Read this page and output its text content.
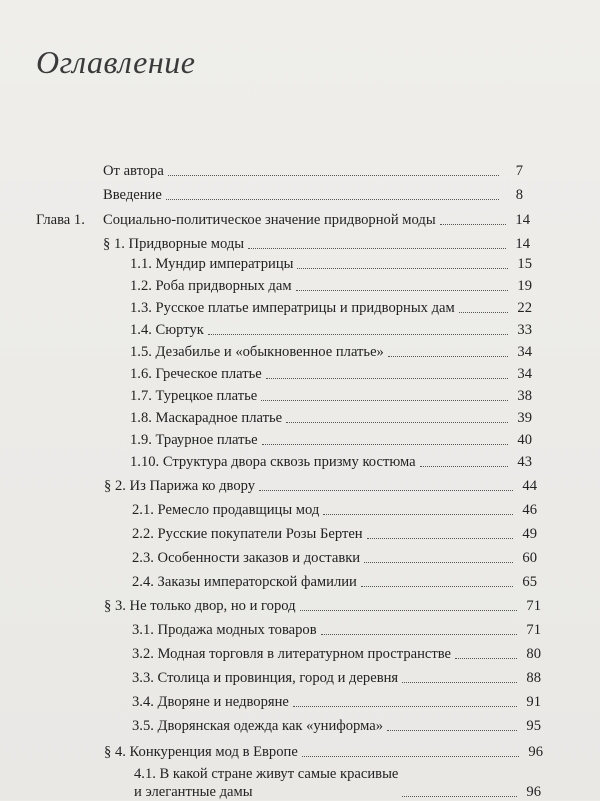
Оглавление
От автора	7
Введение	8
Глава 1. Социально-политическое значение придворной моды	14
§ 1. Придворные моды	14
1.1. Мундир императрицы	15
1.2. Роба придворных дам	19
1.3. Русское платье императрицы и придворных дам	22
1.4. Сюртук	33
1.5. Дезабилье и «обыкновенное платье»	34
1.6. Греческое платье	34
1.7. Турецкое платье	38
1.8. Маскарадное платье	39
1.9. Траурное платье	40
1.10. Структура двора сквозь призму костюма	43
§ 2. Из Парижа ко двору	44
2.1. Ремесло продавщицы мод	46
2.2. Русские покупатели Розы Бертен	49
2.3. Особенности заказов и доставки	60
2.4. Заказы императорской фамилии	65
§ 3. Не только двор, но и город	71
3.1. Продажа модных товаров	71
3.2. Модная торговля в литературном пространстве	80
3.3. Столица и провинция, город и деревня	88
3.4. Дворяне и недворяне	91
3.5. Дворянская одежда как «униформа»	95
§ 4. Конкуренция мод в Европе	96
4.1. В какой стране живут самые красивые
и элегантные дамы	96
